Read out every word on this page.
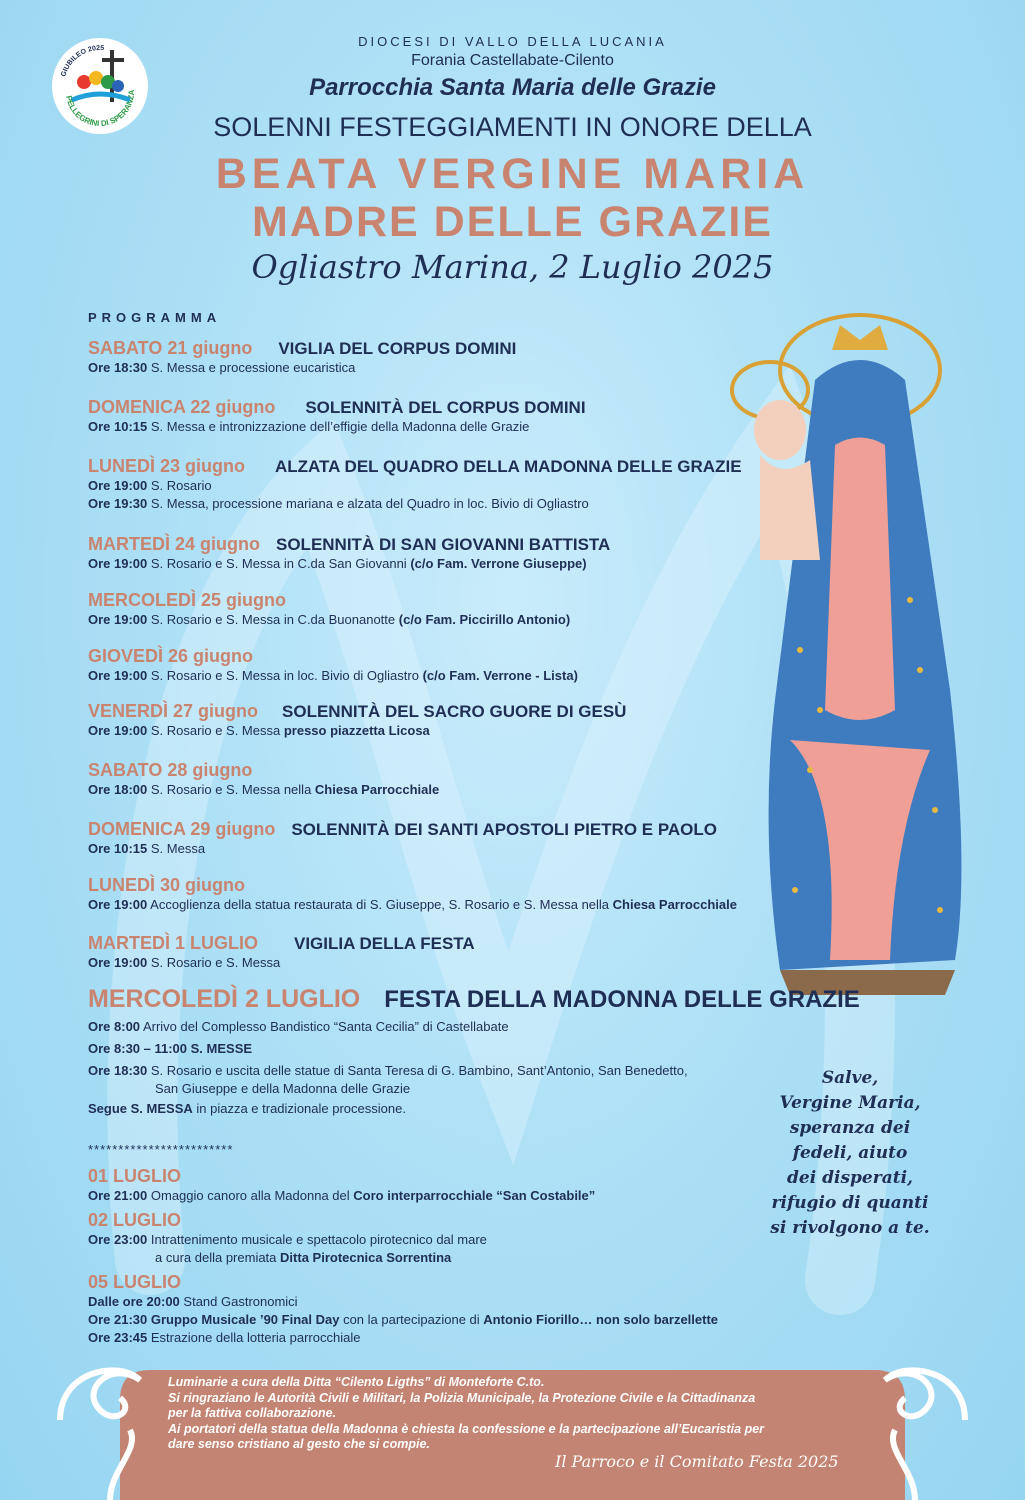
GIUBILEO 2025
PELLEGRINI DI SPERANZA
DIOCESI DI VALLO DELLA LUCANIA
Forania Castellabate-Cilento
Parrocchia Santa Maria delle Grazie
SOLENNI FESTEGGIAMENTI IN ONORE DELLA
BEATA VERGINE MARIA
MADRE DELLE GRAZIE
Ogliastro Marina, 2 Luglio 2025
PROGRAMMA
SABATO 21 giugno VIGLIA DEL CORPUS DOMINI
Ore 18:30 S. Messa e processione eucaristica
DOMENICA 22 giugno SOLENNITÀ DEL CORPUS DOMINI
Ore 10:15 S. Messa e intronizzazione dell’effigie della Madonna delle Grazie
LUNEDÌ 23 giugno ALZATA DEL QUADRO DELLA MADONNA DELLE GRAZIE
Ore 19:00 S. Rosario
Ore 19:30 S. Messa, processione mariana e alzata del Quadro in loc. Bivio di Ogliastro
MARTEDÌ 24 giugno SOLENNITÀ DI SAN GIOVANNI BATTISTA
Ore 19:00 S. Rosario e S. Messa in C.da San Giovanni (c/o Fam. Verrone Giuseppe)
MERCOLEDÌ 25 giugno
Ore 19:00 S. Rosario e S. Messa in C.da Buonanotte (c/o Fam. Piccirillo Antonio)
GIOVEDÌ 26 giugno
Ore 19:00 S. Rosario e S. Messa in loc. Bivio di Ogliastro (c/o Fam. Verrone - Lista)
VENERDÌ 27 giugno SOLENNITÀ DEL SACRO GUORE DI GESÙ
Ore 19:00 S. Rosario e S. Messa presso piazzetta Licosa
SABATO 28 giugno
Ore 18:00 S. Rosario e S. Messa nella Chiesa Parrocchiale
DOMENICA 29 giugno SOLENNITÀ DEI SANTI APOSTOLI PIETRO E PAOLO
Ore 10:15 S. Messa
LUNEDÌ 30 giugno
Ore 19:00 Accoglienza della statua restaurata di S. Giuseppe, S. Rosario e S. Messa nella Chiesa Parrocchiale
MARTEDÌ 1 LUGLIO VIGILIA DELLA FESTA
Ore 19:00 S. Rosario e S. Messa
MERCOLEDÌ 2 LUGLIO FESTA DELLA MADONNA DELLE GRAZIE
Ore 8:00 Arrivo del Complesso Bandistico “Santa Cecilia” di Castellabate
Ore 8:30 – 11:00 S. MESSE
Ore 18:30 S. Rosario e uscita delle statue di Santa Teresa di G. Bambino, Sant’Antonio, San Benedetto,
San Giuseppe e della Madonna delle Grazie
Segue S. MESSA in piazza e tradizionale processione.
************************
01 LUGLIO
Ore 21:00 Omaggio canoro alla Madonna del Coro interparrocchiale “San Costabile”
02 LUGLIO
Ore 23:00 Intrattenimento musicale e spettacolo pirotecnico dal mare
a cura della premiata Ditta Pirotecnica Sorrentina
05 LUGLIO
Dalle ore 20:00 Stand Gastronomici
Ore 21:30 Gruppo Musicale ’90 Final Day con la partecipazione di Antonio Fiorillo… non solo barzellette
Ore 23:45 Estrazione della lotteria parrocchiale
Salve,
Vergine Maria,
speranza dei
fedeli, aiuto
dei disperati,
rifugio di quanti
si rivolgono a te.
Luminarie a cura della Ditta “Cilento Ligths” di Monteforte C.to.
Si ringraziano le Autorità Civili e Militari, la Polizia Municipale, la Protezione Civile e la Cittadinanza
per la fattiva collaborazione.
Ai portatori della statua della Madonna è chiesta la confessione e la partecipazione all’Eucaristia per
dare senso cristiano al gesto che si compie.
Il Parroco e il Comitato Festa 2025
